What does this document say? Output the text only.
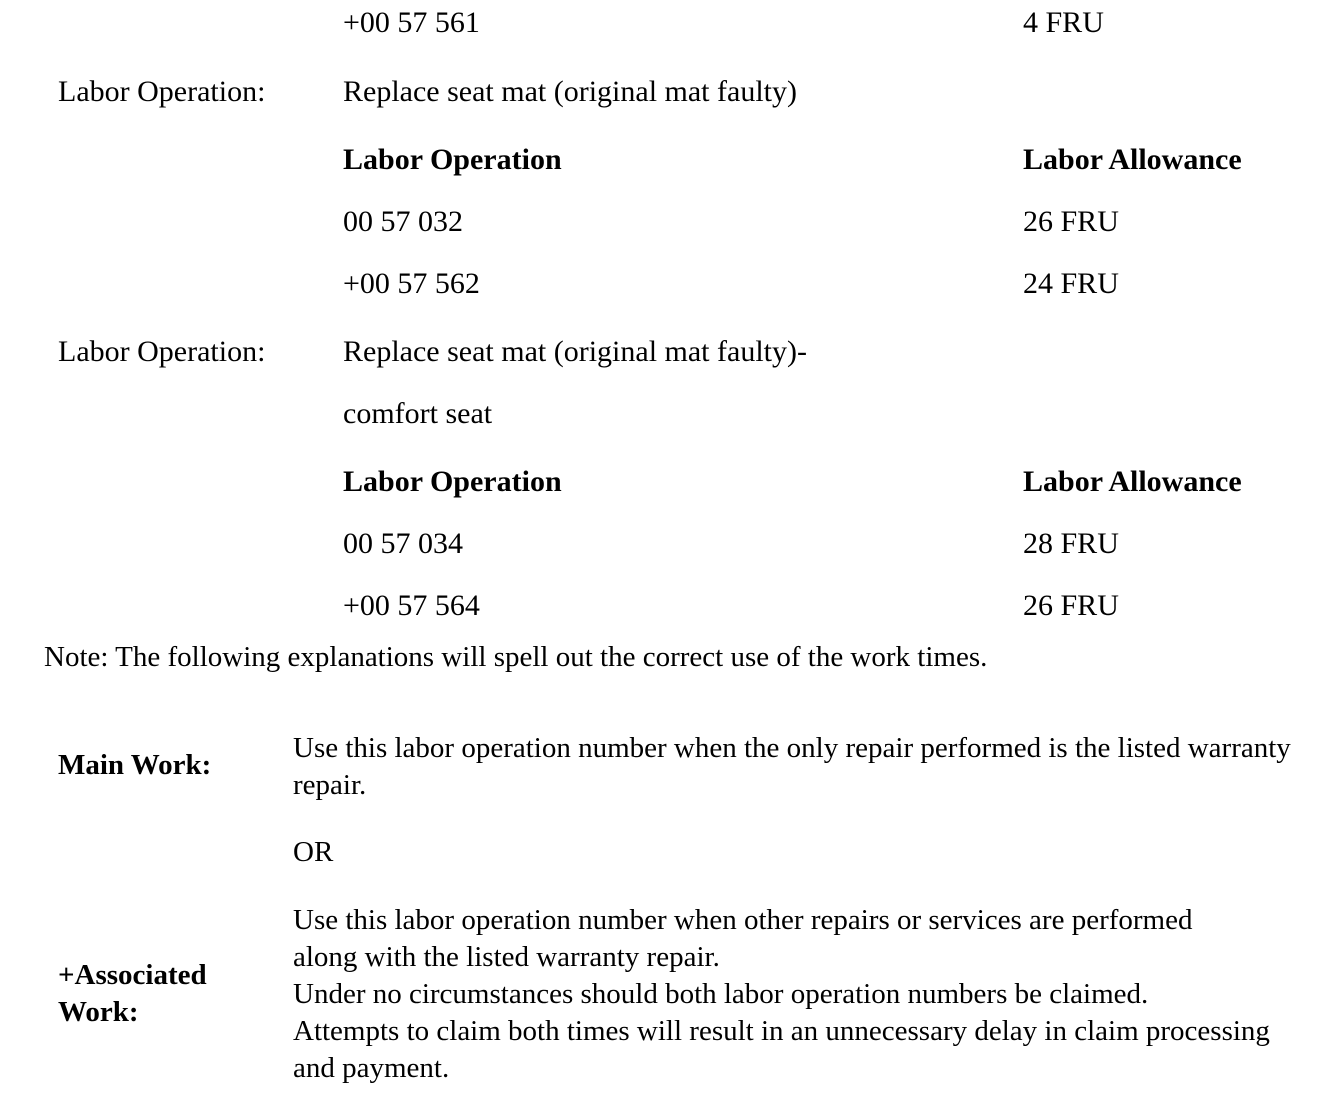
+00 57 561	4 FRU
Labor Operation:	Replace seat mat (original mat faulty)
Labor Operation	Labor Allowance
00 57 032	26 FRU
+00 57 562	24 FRU
Labor Operation:	Replace seat mat (original mat faulty)-
comfort seat
Labor Operation	Labor Allowance
00 57 034	28 FRU
+00 57 564	26 FRU
Note: The following explanations will spell out the correct use of the work times.
Main Work:

Use this labor operation number when the only repair performed is the listed warranty repair.

OR
+Associated
Work:
Use this labor operation number when other repairs or services are performed along with the listed warranty repair.
Under no circumstances should both labor operation numbers be claimed.
Attempts to claim both times will result in an unnecessary delay in claim processing and payment.
